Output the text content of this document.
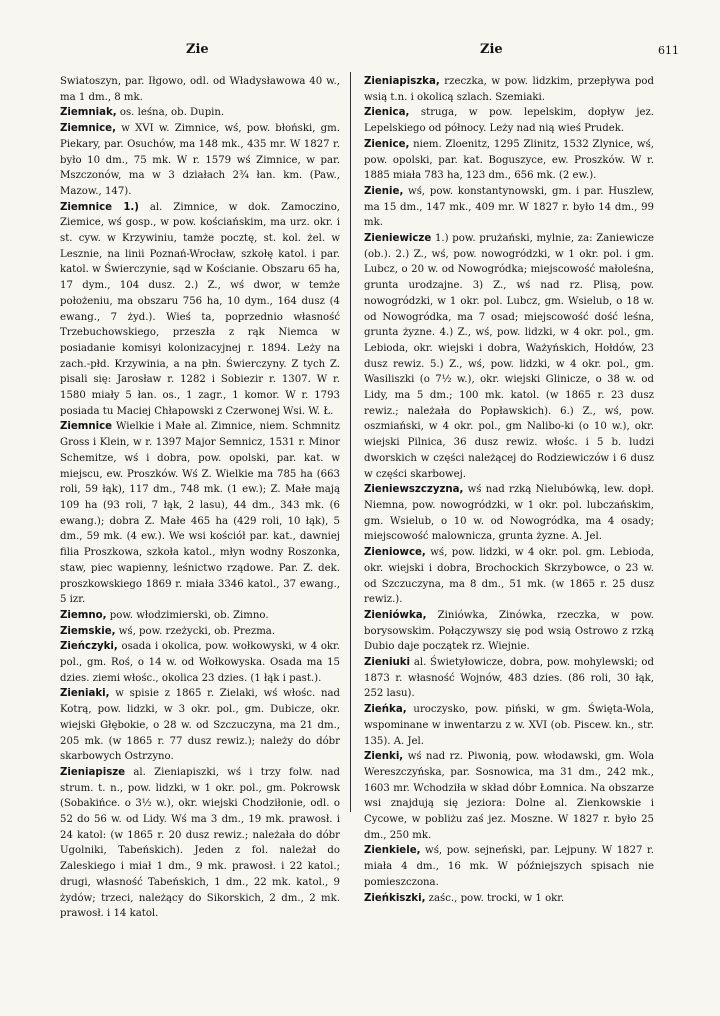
Zie	Zie	611

Swiatoszyn, par. Iłgowo, odl. od Władysławowa 40 w., ma 1 dm., 8 mk.

Ziemniak, os. leśna, ob. Dupin.

Ziemnice, w XVI w. Zimnice, wś, pow. błoński, gm. Piekary, par. Osuchów, ma 148 mk., 435 mr. W 1827 r. było 10 dm., 75 mk. W r. 1579 wś Zimnice, w par. Mszczonów, ma w 3 działach 2¾ łan. km. (Paw., Mazow., 147).

Ziemnice 1.) al. Zimnice, w dok. Zamoczino, Ziemice, wś gosp., w pow. kościańskim, ma urz. okr. i st. cyw. w Krzywiniu, tamże pocztę, st. kol. żel. w Lesznie, na linii Poznań-Wrocław, szkołę katol. i par. katol. w Świerczynie, sąd w Kościanie. Obszaru 65 ha, 17 dym., 104 dusz. 2.) Z., wś dwor, w temże położeniu, ma obszaru 756 ha, 10 dym., 164 dusz (4 ewang., 7 żyd.). Wieś ta, poprzednio własność Trzebuchowskiego, przeszła z rąk Niemca w posiadanie komisyi kolonizacyjnej r. 1894. Leży na zach.-płd. Krzywinia, a na płn. Świerczyny. Z tych Z. pisali się: Jarosław r. 1282 i Sobiezir r. 1307. W r. 1580 miały 5 łan. os., 1 zagr., 1 komor. W r. 1793 posiada tu Maciej Chłapowski z Czerwonej Wsi. W. Ł.

Ziemnice Wielkie i Małe al. Zimnice, niem. Schmnitz Gross i Klein, w r. 1397 Major Semnicz, 1531 r. Minor Schemitze, wś i dobra, pow. opolski, par. kat. w miejscu, ew. Proszków. Wś Z. Wielkie ma 785 ha (663 roli, 59 łąk), 117 dm., 748 mk. (1 ew.); Z. Małe mają 109 ha (93 roli, 7 łąk, 2 lasu), 44 dm., 343 mk. (6 ewang.); dobra Z. Małe 465 ha (429 roli, 10 łąk), 5 dm., 59 mk. (4 ew.). We wsi kościół par. kat., dawniej filia Proszkowa, szkoła katol., młyn wodny Roszonka, staw, piec wapienny, leśnictwo rządowe. Par. Z. dek. proszkowskiego 1869 r. miała 3346 katol., 37 ewang., 5 izr.

Ziemno, pow. włodzimierski, ob. Zimno.

Ziemskie, wś, pow. rzeżycki, ob. Prezma.

Zieńczyki, osada i okolica, pow. wołkowyski, w 4 okr. pol., gm. Roś, o 14 w. od Wołkowyska. Osada ma 15 dzies. ziemi włośc., okolica 23 dzies. (1 łąk i past.).

Zieniaki, w spisie z 1865 r. Zielaki, wś włośc. nad Kotrą, pow. lidzki, w 3 okr. pol., gm. Dubicze, okr. wiejski Głębokie, o 28 w. od Szczuczyna, ma 21 dm., 205 mk. (w 1865 r. 77 dusz rewiz.); należy do dóbr skarbowych Ostrzyno.

Zieniapisze al. Zieniapiszki, wś i trzy folw. nad strum. t. n., pow. lidzki, w 1 okr. pol., gm. Pokrowsk (Sobakińce. o 3½ w.), okr. wiejski Chodziłonie, odl. o 52 do 56 w. od Lidy. Wś ma 3 dm., 19 mk. prawosł. i 24 katol: (w 1865 r. 20 dusz rewiz.; należała do dóbr Ugolniki, Tabeńskich). Jeden z fol. należał do Zaleskiego i miał 1 dm., 9 mk. prawosł. i 22 katol.; drugi, własność Tabeńskich, 1 dm., 22 mk. katol., 9 żydów; trzeci, należący do Sikorskich, 2 dm., 2 mk. prawosł. i 14 katol.

Zieniapiszka, rzeczka, w pow. lidzkim, przepływa pod wsią t.n. i okolicą szlach. Szemiaki.

Zienica, struga, w pow. lepelskim, dopływ jez. Lepelskiego od północy. Leży nad nią wieś Prudek.

Zienice, niem. Zloenitz, 1295 Zlinitz, 1532 Zlynice, wś, pow. opolski, par. kat. Boguszyce, ew. Proszków. W r. 1885 miała 783 ha, 123 dm., 656 mk. (2 ew.).

Zienie, wś, pow. konstantynowski, gm. i par. Huszlew, ma 15 dm., 147 mk., 409 mr. W 1827 r. było 14 dm., 99 mk.

Zieniewicze 1.) pow. prużański, mylnie, za: Zaniewicze (ob.). 2.) Z., wś, pow. nowogródzki, w 1 okr. pol. i gm. Lubcz, o 20 w. od Nowogródka; miejscowość małoleśna, grunta urodzajne. 3) Z., wś nad rz. Plisą, pow. nowogródzki, w 1 okr. pol. Lubcz, gm. Wsielub, o 18 w. od Nowogródka, ma 7 osad; miejscowość dość leśna, grunta żyzne. 4.) Z., wś, pow. lidzki, w 4 okr. pol., gm. Lebioda, okr. wiejski i dobra, Ważyńskich, Hołdów, 23 dusz rewiz. 5.) Z., wś, pow. lidzki, w 4 okr. pol., gm. Wasiliszki (o 7½ w.), okr. wiejski Glinicze, o 38 w. od Lidy, ma 5 dm.; 100 mk. katol. (w 1865 r. 23 dusz rewiz.; należała do Popławskich). 6.) Z., wś, pow. oszmiański, w 4 okr. pol., gm Nalibo-ki (o 10 w.), okr. wiejski Pilnica, 36 dusz rewiz. włośc. i 5 b. ludzi dworskich w części należącej do Rodziewiczów i 6 dusz w części skarbowej.

Zieniewszczyzna, wś nad rzką Nielubówką, lew. dopł. Niemna, pow. nowogródzki, w 1 okr. pol. lubczańskim, gm. Wsielub, o 10 w. od Nowogródka, ma 4 osady; miejscowość malownicza, grunta żyzne. A. Jel.

Zieniowce, wś, pow. lidzki, w 4 okr. pol. gm. Lebioda, okr. wiejski i dobra, Brochockich Skrzybowce, o 23 w. od Szczuczyna, ma 8 dm., 51 mk. (w 1865 r. 25 dusz rewiz.).

Zieniówka, Ziniówka, Zinówka, rzeczka, w pow. borysowskim. Połączywszy się pod wsią Ostrowo z rzką Dubio daje początek rz. Wiejnie.

Zieniuki al. Świetyłowicze, dobra, pow. mohylewski; od 1873 r. własność Wojnów, 483 dzies. (86 roli, 30 łąk, 252 lasu).

Zieńka, uroczysko, pow. piński, w gm. Święta-Wola, wspominane w inwentarzu z w. XVI (ob. Piscew. kn., str. 135). A. Jel.

Zienki, wś nad rz. Piwonią, pow. włodawski, gm. Wola Wereszczyńska, par. Sosnowica, ma 31 dm., 242 mk., 1603 mr. Wchodziła w skład dóbr Łomnica. Na obszarze wsi znajdują się jeziora: Dolne al. Zienkowskie i Cycowe, w pobliżu zaś jez. Moszne. W 1827 r. było 25 dm., 250 mk.

Zienkiele, wś, pow. sejneński, par. Lejpuny. W 1827 r. miała 4 dm., 16 mk. W późniejszych spisach nie pomieszczona.

Zieńkiszki, zaśc., pow. trocki, w 1 okr.
